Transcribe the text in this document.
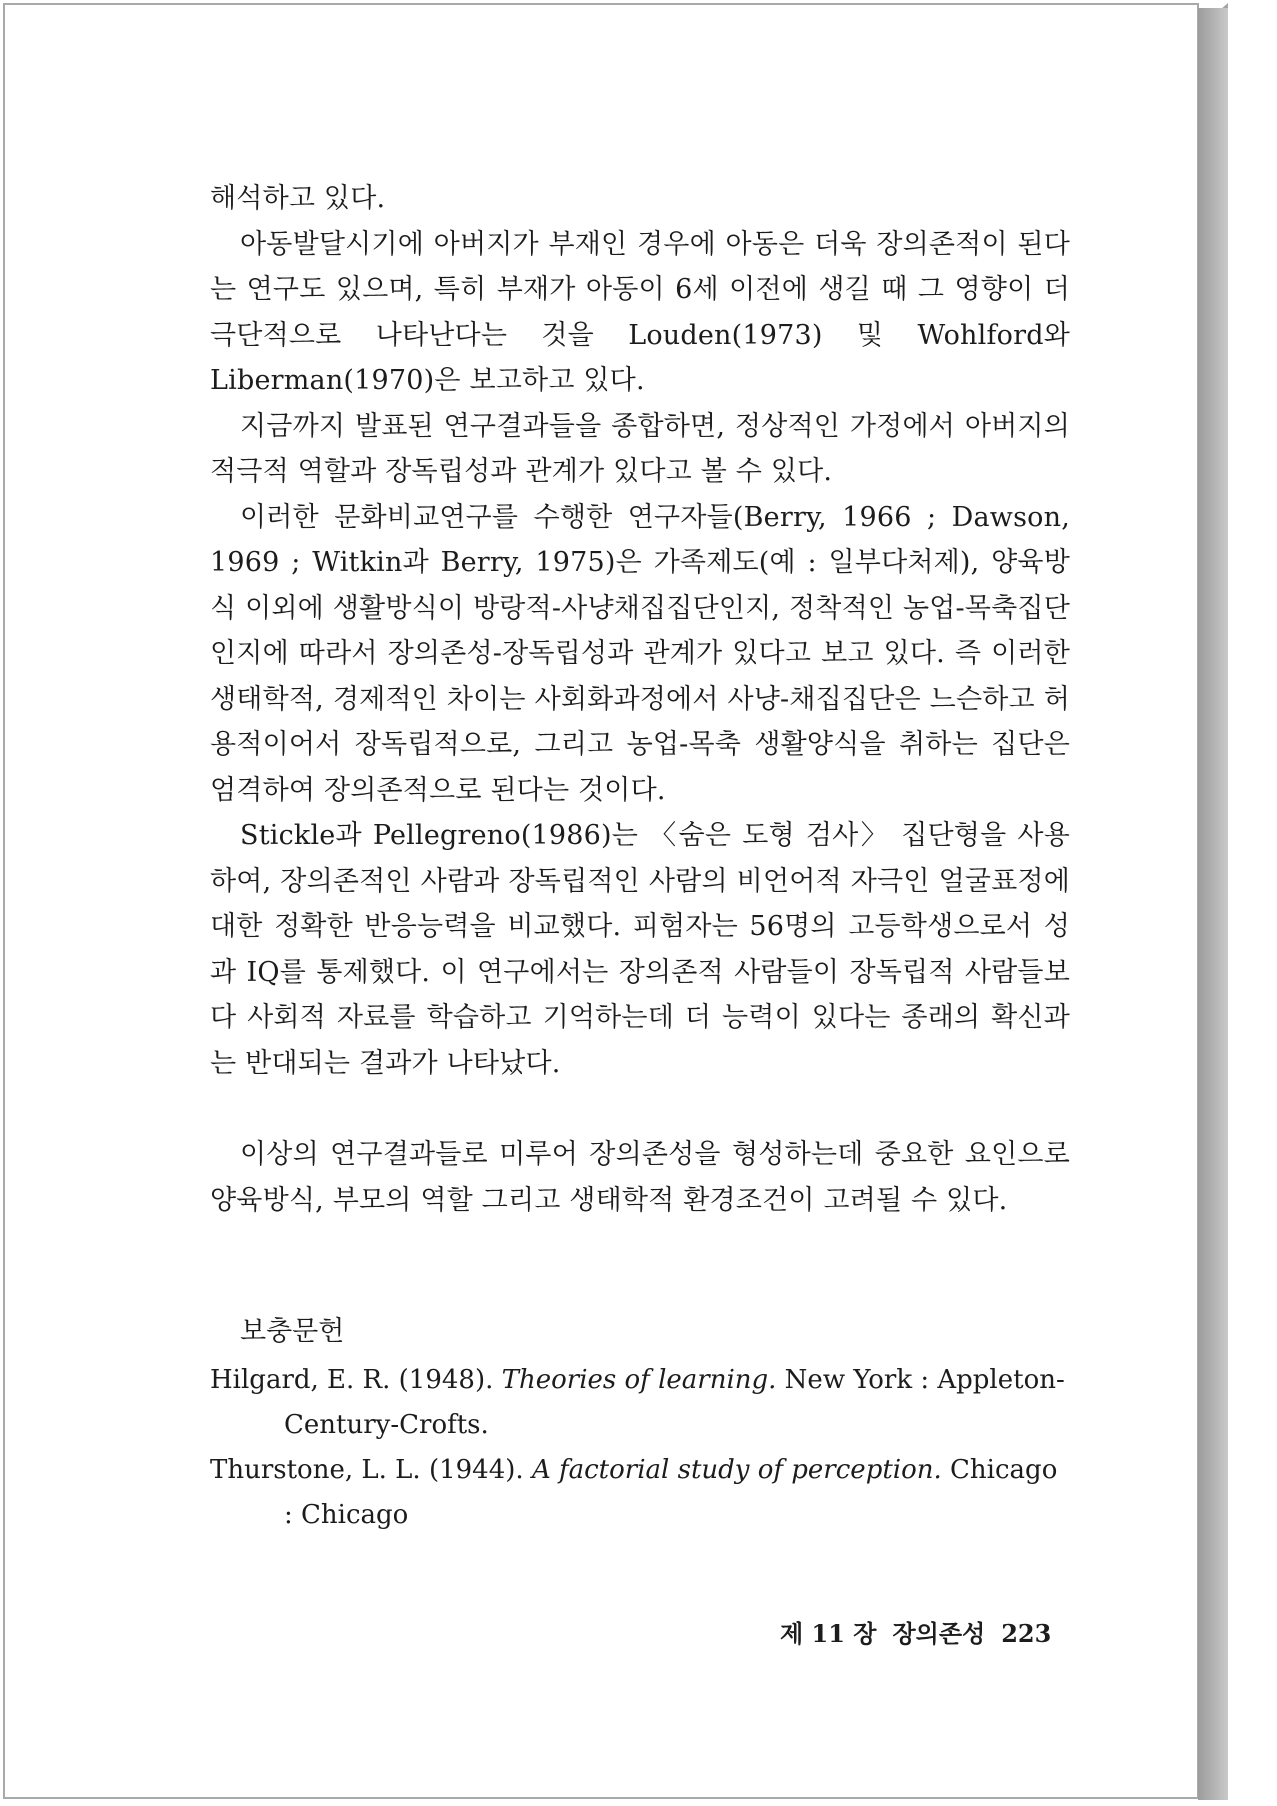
해석하고 있다.

아동발달시기에 아버지가 부재인 경우에 아동은 더욱 장의존적이 된다는 연구도 있으며, 특히 부재가 아동이 6세 이전에 생길 때 그 영향이 더 극단적으로 나타난다는 것을 Louden(1973) 및 Wohlford와 Liberman(1970)은 보고하고 있다.

지금까지 발표된 연구결과들을 종합하면, 정상적인 가정에서 아버지의 적극적 역할과 장독립성과 관계가 있다고 볼 수 있다.

이러한 문화비교연구를 수행한 연구자들(Berry, 1966 ; Dawson, 1969 ; Witkin과 Berry, 1975)은 가족제도(예 : 일부다처제), 양육방식 이외에 생활방식이 방랑적-사냥채집집단인지, 정착적인 농업-목축집단인지에 따라서 장의존성-장독립성과 관계가 있다고 보고 있다. 즉 이러한 생태학적, 경제적인 차이는 사회화과정에서 사냥-채집집단은 느슨하고 허용적이어서 장독립적으로, 그리고 농업-목축 생활양식을 취하는 집단은 엄격하여 장의존적으로 된다는 것이다.

Stickle과 Pellegreno(1986)는 〈숨은 도형 검사〉 집단형을 사용하여, 장의존적인 사람과 장독립적인 사람의 비언어적 자극인 얼굴표정에 대한 정확한 반응능력을 비교했다. 피험자는 56명의 고등학생으로서 성과 IQ를 통제했다. 이 연구에서는 장의존적 사람들이 장독립적 사람들보다 사회적 자료를 학습하고 기억하는데 더 능력이 있다는 종래의 확신과는 반대되는 결과가 나타났다.

이상의 연구결과들로 미루어 장의존성을 형성하는데 중요한 요인으로 양육방식, 부모의 역할 그리고 생태학적 환경조건이 고려될 수 있다.

보충문헌

Hilgard, E. R. (1948). Theories of learning. New York : Appleton-Century-Crofts.

Thurstone, L. L. (1944). A factorial study of perception. Chicago : Chicago

제 11 장 장의존성 223
